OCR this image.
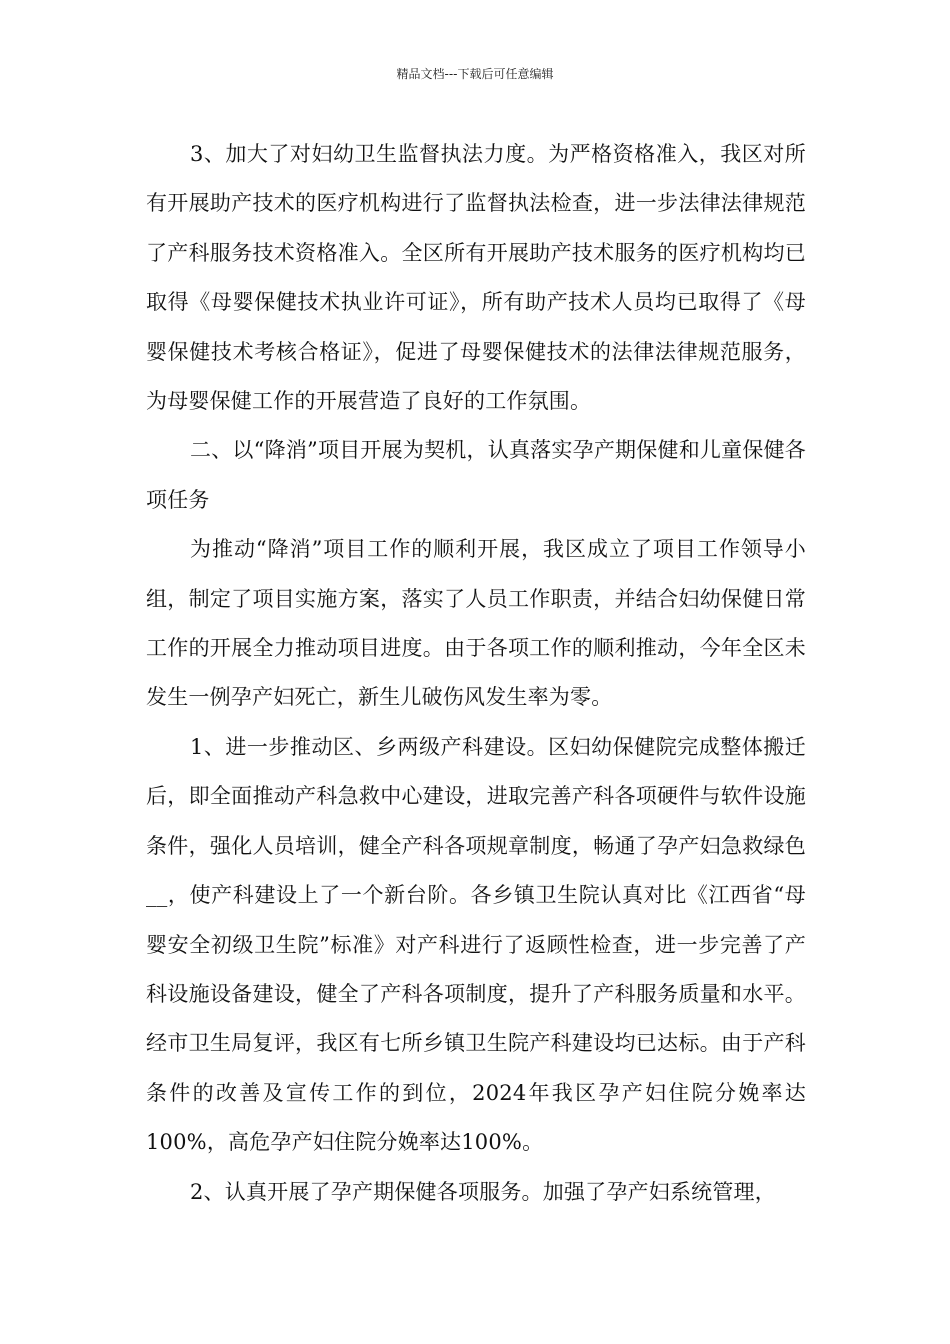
精品文档---下载后可任意编辑

3、加大了对妇幼卫生监督执法力度。为严格资格准入，我区对所有开展助产技术的医疗机构进行了监督执法检查，进一步法律法律规范了产科服务技术资格准入。全区所有开展助产技术服务的医疗机构均已取得《母婴保健技术执业许可证》，所有助产技术人员均已取得了《母婴保健技术考核合格证》，促进了母婴保健技术的法律法律规范服务，为母婴保健工作的开展营造了良好的工作氛围。

二、以“降消”项目开展为契机，认真落实孕产期保健和儿童保健各项任务

为推动“降消”项目工作的顺利开展，我区成立了项目工作领导小组，制定了项目实施方案，落实了人员工作职责，并结合妇幼保健日常工作的开展全力推动项目进度。由于各项工作的顺利推动，今年全区未发生一例孕产妇死亡，新生儿破伤风发生率为零。

1、进一步推动区、乡两级产科建设。区妇幼保健院完成整体搬迁后，即全面推动产科急救中心建设，进取完善产科各项硬件与软件设施条件，强化人员培训，健全产科各项规章制度，畅通了孕产妇急救绿色__，使产科建设上了一个新台阶。各乡镇卫生院认真对比《江西省“母婴安全初级卫生院”标准》对产科进行了返顾性检查，进一步完善了产科设施设备建设，健全了产科各项制度，提升了产科服务质量和水平。经市卫生局复评，我区有七所乡镇卫生院产科建设均已达标。由于产科条件的改善及宣传工作的到位，2024年我区孕产妇住院分娩率达100%，高危孕产妇住院分娩率达100%。

2、认真开展了孕产期保健各项服务。加强了孕产妇系统管理，
